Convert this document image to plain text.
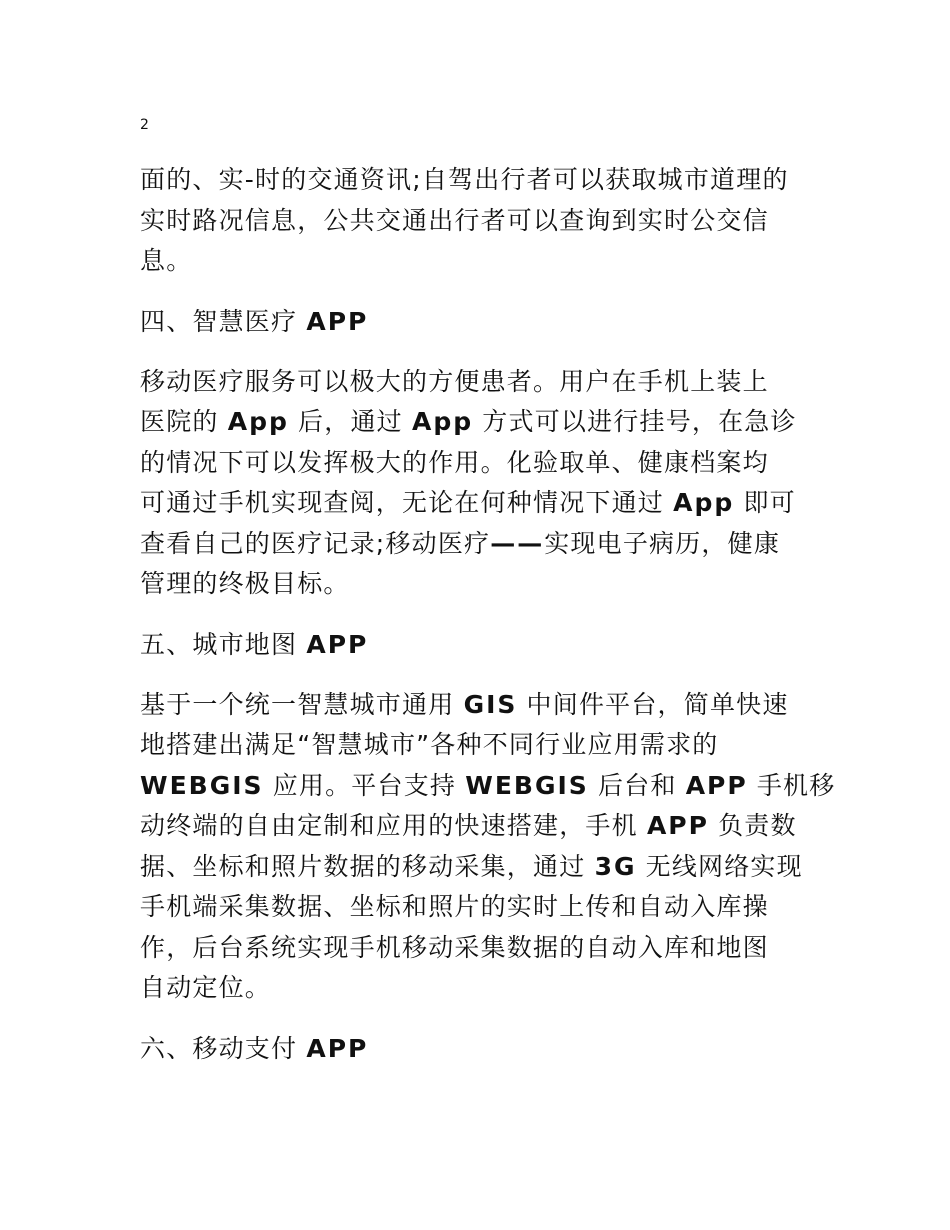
2
面的、实-时的交通资讯;自驾出行者可以获取城市道理的
实时路况信息，公共交通出行者可以查询到实时公交信
息。
四、智慧医疗 APP
移动医疗服务可以极大的方便患者。用户在手机上装上
医院的 App 后，通过 App 方式可以进行挂号，在急诊
的情况下可以发挥极大的作用。化验取单、健康档案均
可通过手机实现查阅，无论在何种情况下通过 App 即可
查看自己的医疗记录;移动医疗——实现电子病历，健康
管理的终极目标。
五、城市地图 APP
基于一个统一智慧城市通用 GIS 中间件平台，简单快速
地搭建出满足“智慧城市”各种不同行业应用需求的
WEBGIS 应用。平台支持 WEBGIS 后台和 APP 手机移
动终端的自由定制和应用的快速搭建，手机 APP 负责数
据、坐标和照片数据的移动采集，通过 3G 无线网络实现
手机端采集数据、坐标和照片的实时上传和自动入库操
作，后台系统实现手机移动采集数据的自动入库和地图
自动定位。
六、移动支付 APP
